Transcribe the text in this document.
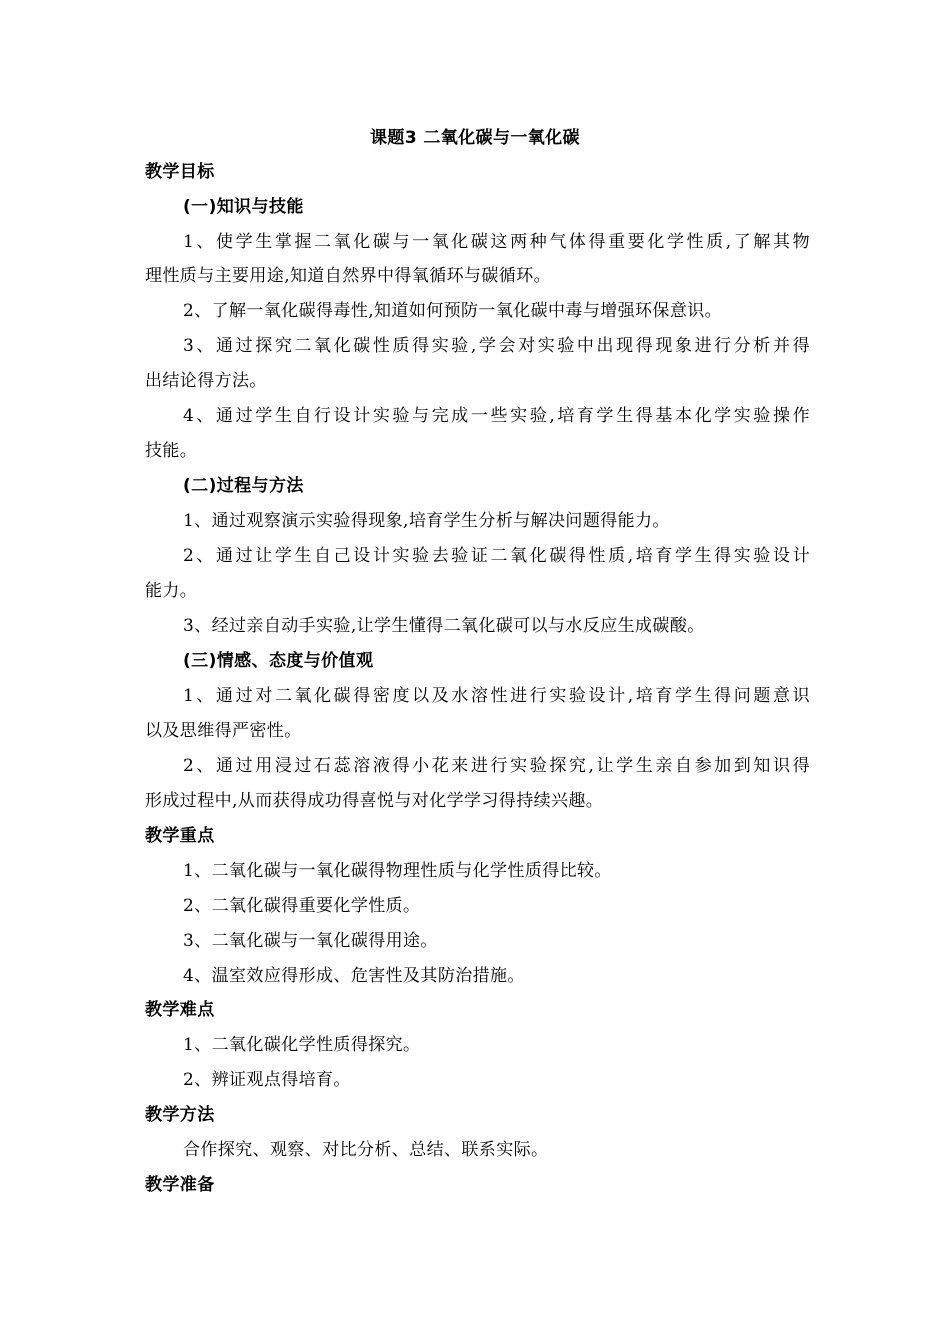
课题3 二氧化碳与一氧化碳
教学目标
(一)知识与技能
1、使学生掌握二氧化碳与一氧化碳这两种气体得重要化学性质,了解其物
理性质与主要用途,知道自然界中得氧循环与碳循环。
2、了解一氧化碳得毒性,知道如何预防一氧化碳中毒与增强环保意识。
3、通过探究二氧化碳性质得实验,学会对实验中出现得现象进行分析并得
出结论得方法。
4、通过学生自行设计实验与完成一些实验,培育学生得基本化学实验操作
技能。
(二)过程与方法
1、通过观察演示实验得现象,培育学生分析与解决问题得能力。
2、通过让学生自己设计实验去验证二氧化碳得性质,培育学生得实验设计
能力。
3、经过亲自动手实验,让学生懂得二氧化碳可以与水反应生成碳酸。
(三)情感、态度与价值观
1、通过对二氧化碳得密度以及水溶性进行实验设计,培育学生得问题意识
以及思维得严密性。
2、通过用浸过石蕊溶液得小花来进行实验探究,让学生亲自参加到知识得
形成过程中,从而获得成功得喜悦与对化学学习得持续兴趣。
教学重点
1、二氧化碳与一氧化碳得物理性质与化学性质得比较。
2、二氧化碳得重要化学性质。
3、二氧化碳与一氧化碳得用途。
4、温室效应得形成、危害性及其防治措施。
教学难点
1、二氧化碳化学性质得探究。
2、辨证观点得培育。
教学方法
合作探究、观察、对比分析、总结、联系实际。
教学准备
